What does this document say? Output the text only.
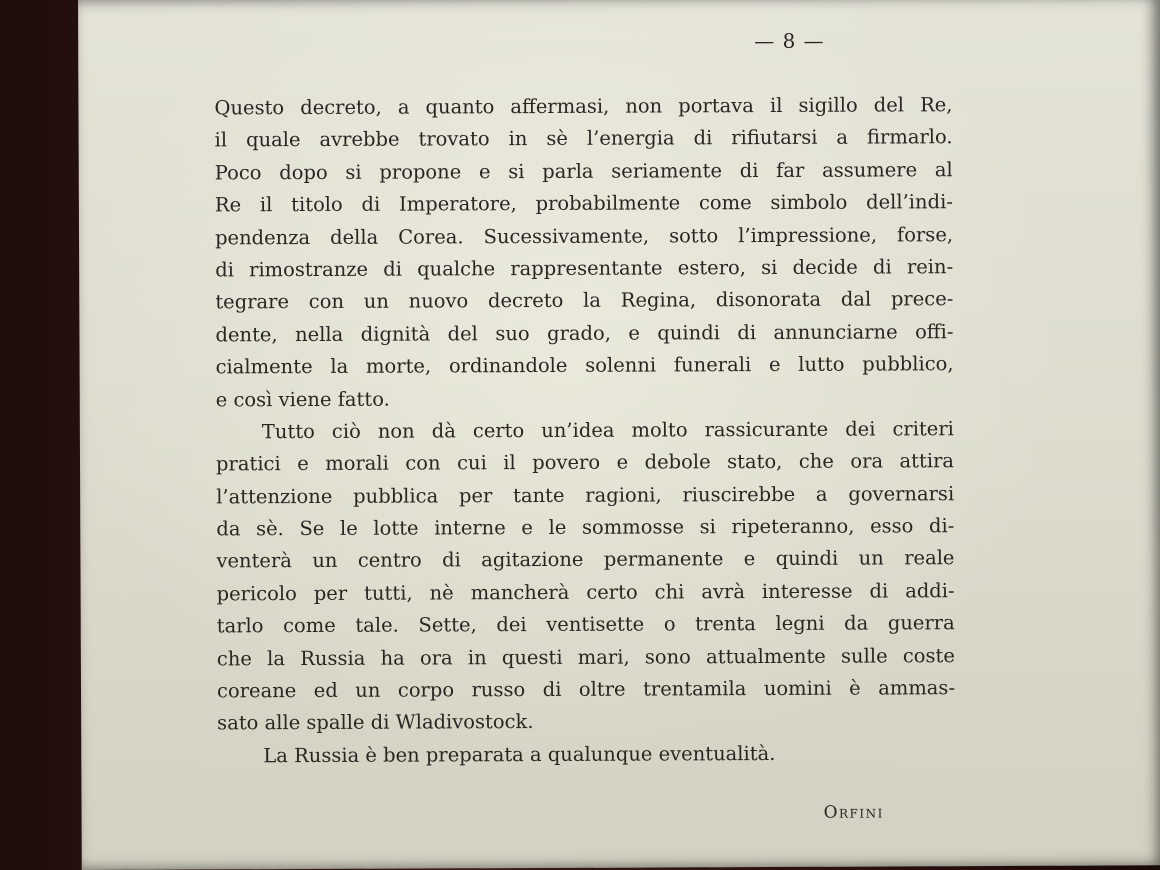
— 8 —

Questo decreto, a quanto affermasi, non portava il sigillo del Re,
il quale avrebbe trovato in sè l’energia di rifiutarsi a firmarlo.
Poco dopo si propone e si parla seriamente di far assumere al
Re il titolo di Imperatore, probabilmente come simbolo dell’indi-
pendenza della Corea. Sucessivamente, sotto l’impressione, forse,
di rimostranze di qualche rappresentante estero, si decide di rein-
tegrare con un nuovo decreto la Regina, disonorata dal prece-
dente, nella dignità del suo grado, e quindi di annunciarne offi-
cialmente la morte, ordinandole solenni funerali e lutto pubblico,
e così viene fatto.
Tutto ciò non dà certo un’idea molto rassicurante dei criteri
pratici e morali con cui il povero e debole stato, che ora attira
l’attenzione pubblica per tante ragioni, riuscirebbe a governarsi
da sè. Se le lotte interne e le sommosse si ripeteranno, esso di-
venterà un centro di agitazione permanente e quindi un reale
pericolo per tutti, nè mancherà certo chi avrà interesse di addi-
tarlo come tale. Sette, dei ventisette o trenta legni da guerra
che la Russia ha ora in questi mari, sono attualmente sulle coste
coreane ed un corpo russo di oltre trentamila uomini è ammas-
sato alle spalle di Wladivostock.
La Russia è ben preparata a qualunque eventualità.

Orfini
